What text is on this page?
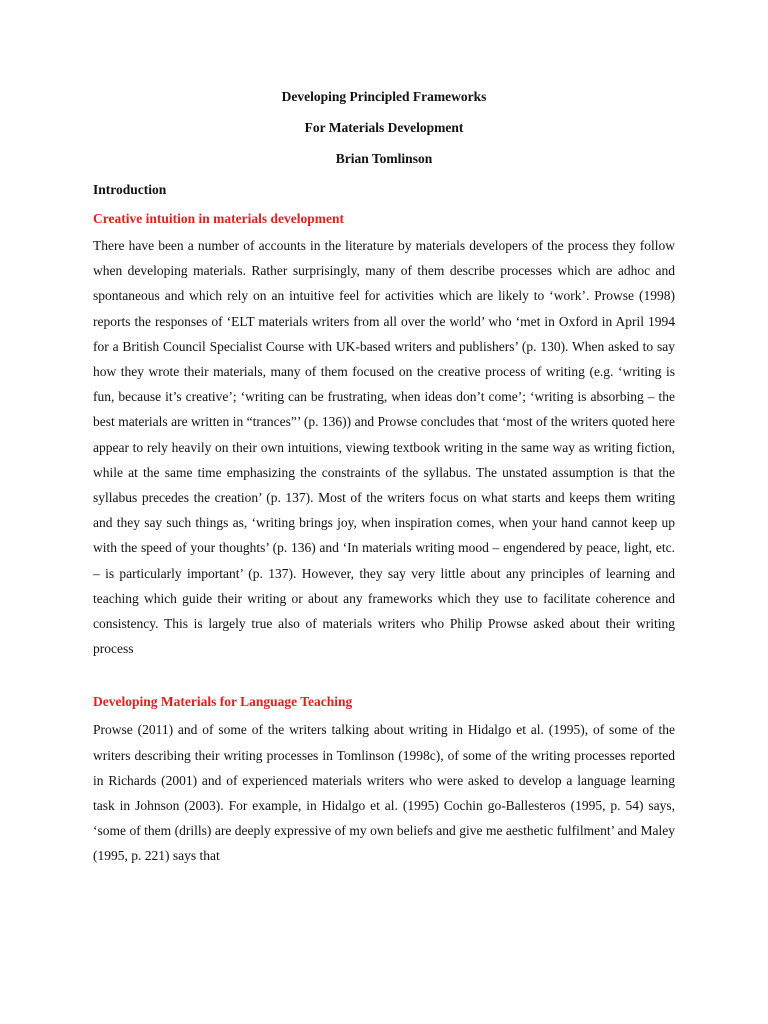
Developing Principled Frameworks

For Materials Development

Brian Tomlinson

Introduction

Creative intuition in materials development

There have been a number of accounts in the literature by materials developers of the process they follow when developing materials. Rather surprisingly, many of them describe processes which are adhoc and spontaneous and which rely on an intuitive feel for activities which are likely to ‘work’. Prowse (1998) reports the responses of ‘ELT materials writers from all over the world’ who ‘met in Oxford in April 1994 for a British Council Specialist Course with UK-based writers and publishers’ (p. 130). When asked to say how they wrote their materials, many of them focused on the creative process of writing (e.g. ‘writing is fun, because it’s creative’; ‘writing can be frustrating, when ideas don’t come’; ‘writing is absorbing – the best materials are written in “trances”’ (p. 136)) and Prowse concludes that ‘most of the writers quoted here appear to rely heavily on their own intuitions, viewing textbook writing in the same way as writing fiction, while at the same time emphasizing the constraints of the syllabus. The unstated assumption is that the syllabus precedes the creation’ (p. 137). Most of the writers focus on what starts and keeps them writing and they say such things as, ‘writing brings joy, when inspiration comes, when your hand cannot keep up with the speed of your thoughts’ (p. 136) and ‘In materials writing mood – engendered by peace, light, etc. – is particularly important’ (p. 137). However, they say very little about any principles of learning and teaching which guide their writing or about any frameworks which they use to facilitate coherence and consistency. This is largely true also of materials writers who Philip Prowse asked about their writing process

Developing Materials for Language Teaching

Prowse (2011) and of some of the writers talking about writing in Hidalgo et al. (1995), of some of the writers describing their writing processes in Tomlinson (1998c), of some of the writing processes reported in Richards (2001) and of experienced materials writers who were asked to develop a language learning task in Johnson (2003). For example, in Hidalgo et al. (1995) Cochin go-Ballesteros (1995, p. 54) says, ‘some of them (drills) are deeply expressive of my own beliefs and give me aesthetic fulfilment’ and Maley (1995, p. 221) says that
